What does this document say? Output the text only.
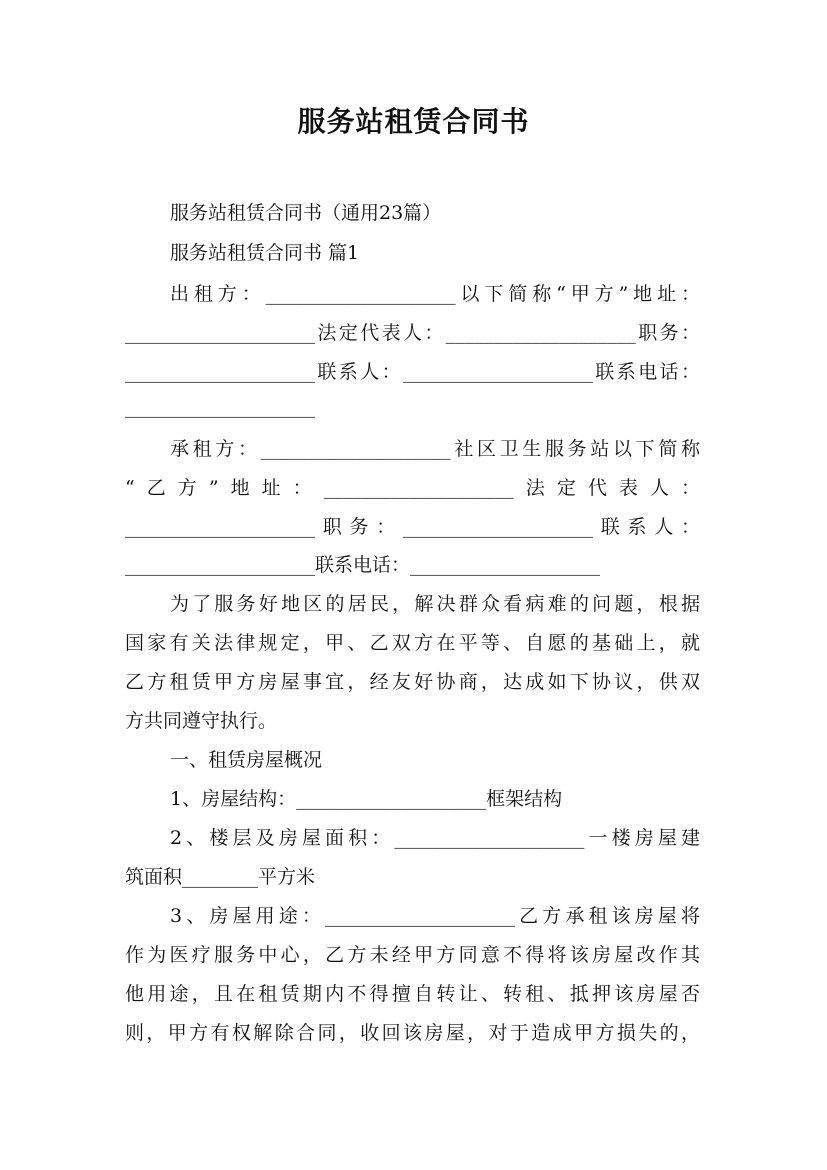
服务站租赁合同书
服务站租赁合同书（通用23篇）
服务站租赁合同书 篇1
出租方：____________________以下简称“甲方”地址：
____________________法定代表人：____________________职务：
____________________联系人：____________________联系电话：
____________________
承租方：____________________社区卫生服务站以下简称
“乙方”地址：____________________法定代表人：
____________________职务：____________________联系人：
____________________联系电话：____________________
为了服务好地区的居民，解决群众看病难的问题，根据
国家有关法律规定，甲、乙双方在平等、自愿的基础上，就
乙方租赁甲方房屋事宜，经友好协商，达成如下协议，供双
方共同遵守执行。
一、租赁房屋概况
1、房屋结构：____________________框架结构
2、楼层及房屋面积：____________________一楼房屋建
筑面积________平方米
3、房屋用途：____________________乙方承租该房屋将
作为医疗服务中心，乙方未经甲方同意不得将该房屋改作其
他用途，且在租赁期内不得擅自转让、转租、抵押该房屋否
则，甲方有权解除合同，收回该房屋，对于造成甲方损失的，
